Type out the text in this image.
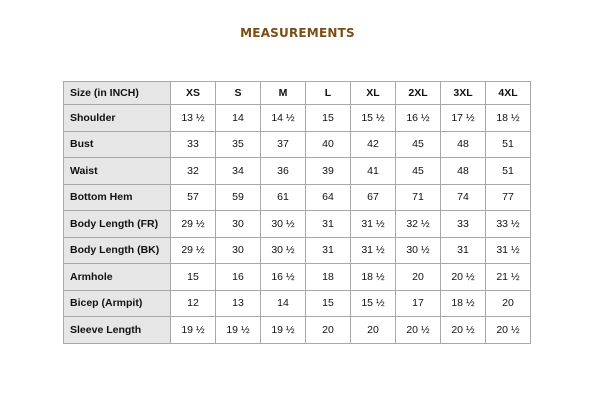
MEASUREMENTS
Size (in INCH)	XS	S	M	L	XL	2XL	3XL	4XL
Shoulder	13 ½	14	14 ½	15	15 ½	16 ½	17 ½	18 ½
Bust	33	35	37	40	42	45	48	51
Waist	32	34	36	39	41	45	48	51
Bottom Hem	57	59	61	64	67	71	74	77
Body Length (FR)	29 ½	30	30 ½	31	31 ½	32 ½	33	33 ½
Body Length (BK)	29 ½	30	30 ½	31	31 ½	30 ½	31	31 ½
Armhole	15	16	16 ½	18	18 ½	20	20 ½	21 ½
Bicep (Armpit)	12	13	14	15	15 ½	17	18 ½	20
Sleeve Length	19 ½	19 ½	19 ½	20	20	20 ½	20 ½	20 ½
